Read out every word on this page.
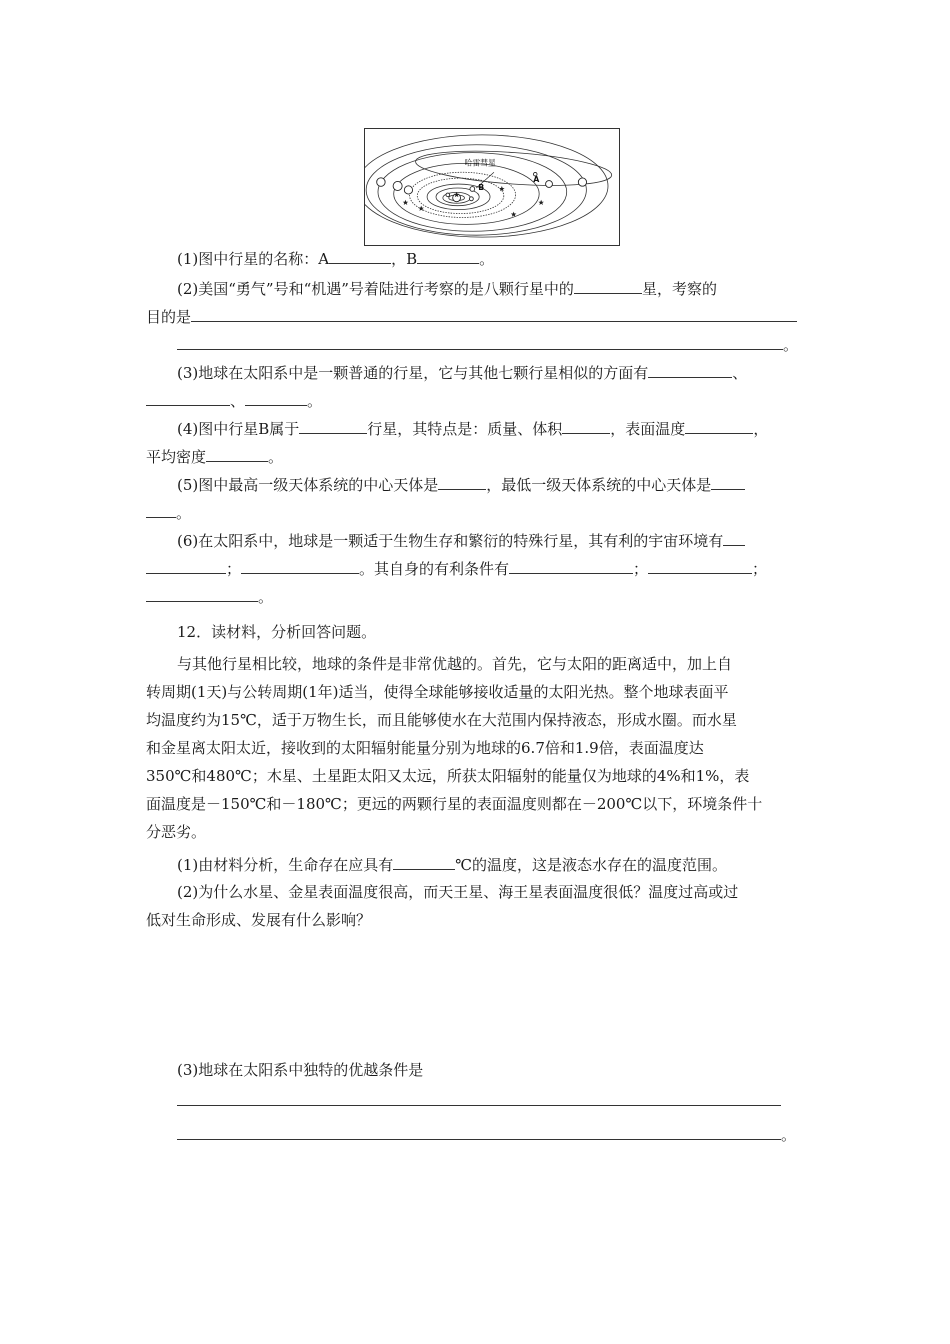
哈雷彗星
A
B
(1)图中行星的名称：A	，B	。
(2)美国“勇气”号和“机遇”号着陆进行考察的是八颗行星中的	星，考察的
目的是
。
(3)地球在太阳系中是一颗普通的行星，它与其他七颗行星相似的方面有	、
、	。
(4)图中行星B属于	行星，其特点是：质量、体积	，表面温度	，
平均密度	。
(5)图中最高一级天体系统的中心天体是	，最低一级天体系统的中心天体是
。
(6)在太阳系中，地球是一颗适于生物生存和繁衍的特殊行星，其有利的宇宙环境有
；	。其自身的有利条件有	；	；
。
12．读材料，分析回答问题。
与其他行星相比较，地球的条件是非常优越的。首先，它与太阳的距离适中，加上自
转周期(1天)与公转周期(1年)适当，使得全球能够接收适量的太阳光热。整个地球表面平
均温度约为15℃，适于万物生长，而且能够使水在大范围内保持液态，形成水圈。而水星
和金星离太阳太近，接收到的太阳辐射能量分别为地球的6.7倍和1.9倍，表面温度达
350℃和480℃；木星、土星距太阳又太远，所获太阳辐射的能量仅为地球的4%和1%，表
面温度是－150℃和－180℃；更远的两颗行星的表面温度则都在－200℃以下，环境条件十
分恶劣。
(1)由材料分析，生命存在应具有	℃的温度，这是液态水存在的温度范围。
(2)为什么水星、金星表面温度很高，而天王星、海王星表面温度很低？温度过高或过
低对生命形成、发展有什么影响？
(3)地球在太阳系中独特的优越条件是
。
